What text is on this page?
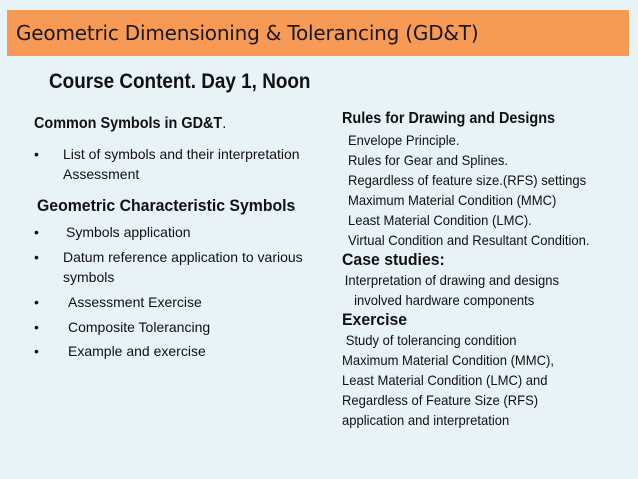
Geometric Dimensioning & Tolerancing (GD&T)
Course Content. Day 1, Noon
Common Symbols in GD&T.
•	List of symbols and their interpretation Assessment
Geometric Characteristic Symbols
•	Symbols application
•	Datum reference application to various symbols
•	Assessment Exercise
•	Composite Tolerancing
•	Example and exercise
Rules for Drawing and Designs
Envelope Principle.
Rules for Gear and Splines.
Regardless of feature size.(RFS) settings
Maximum Material Condition (MMC)
Least Material Condition (LMC).
Virtual Condition and Resultant Condition.
Case studies:
Interpretation of drawing and designs
involved hardware components
Exercise
Study of tolerancing condition
Maximum Material Condition (MMC),
Least Material Condition (LMC) and
Regardless of Feature Size (RFS)
application and interpretation
